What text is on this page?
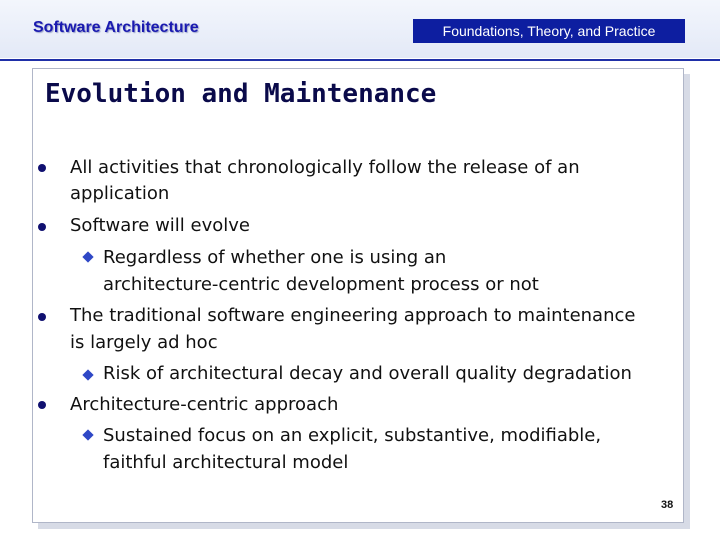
Software Architecture	Foundations, Theory, and Practice
Evolution and Maintenance
All activities that chronologically follow the release of an
application
Software will evolve
Regardless of whether one is using an
architecture-centric development process or not
The traditional software engineering approach to maintenance
is largely ad hoc
Risk of architectural decay and overall quality degradation
Architecture-centric approach
Sustained focus on an explicit, substantive, modifiable,
faithful architectural model
38
